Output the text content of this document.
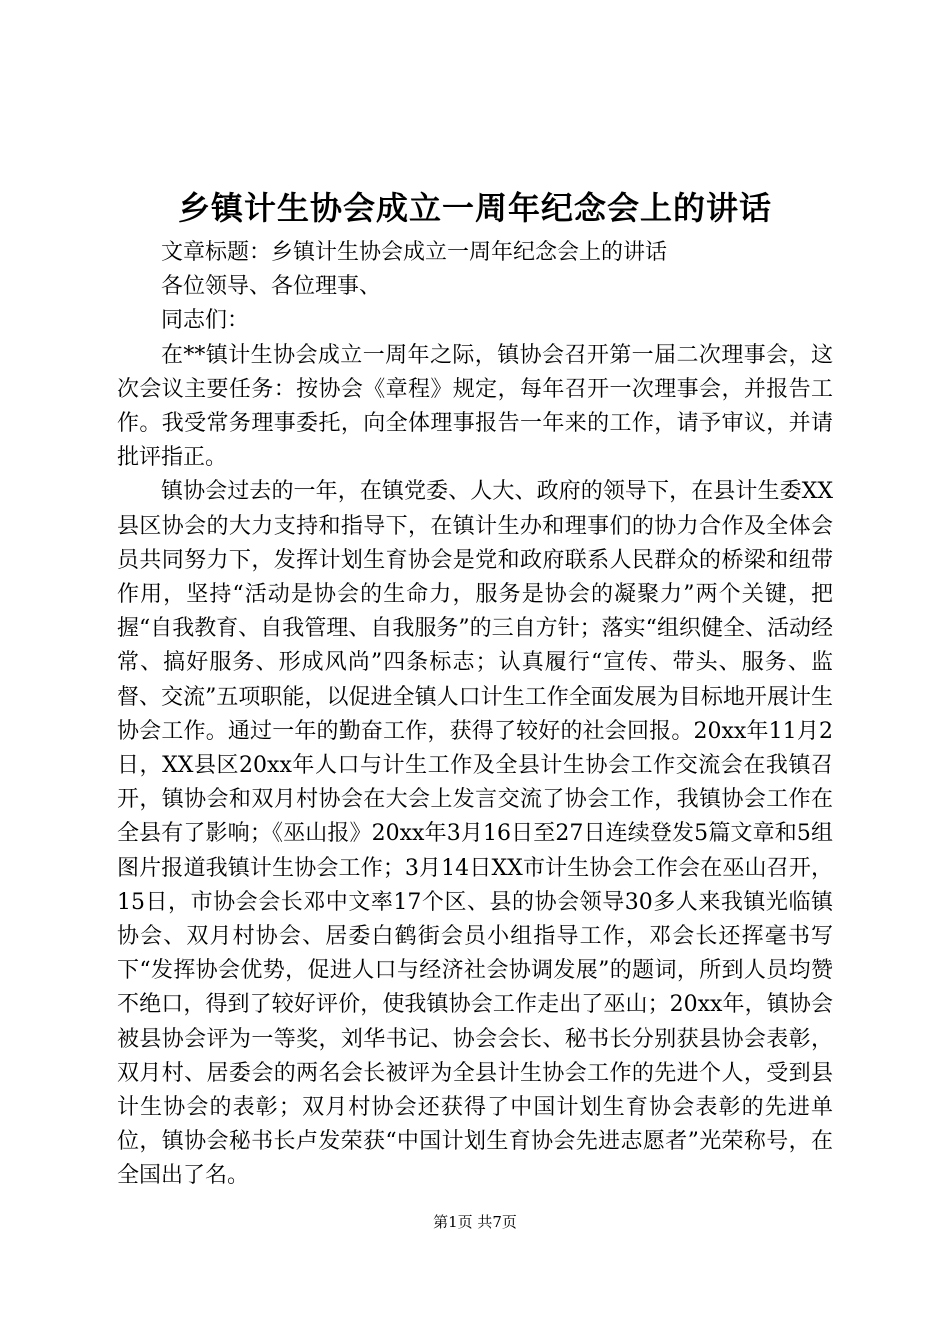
乡镇计生协会成立一周年纪念会上的讲话

文章标题：乡镇计生协会成立一周年纪念会上的讲话

各位领导、各位理事、

同志们：

在**镇计生协会成立一周年之际，镇协会召开第一届二次理事会，这次会议主要任务：按协会《章程》规定，每年召开一次理事会，并报告工作。我受常务理事委托，向全体理事报告一年来的工作，请予审议，并请批评指正。

镇协会过去的一年，在镇党委、人大、政府的领导下，在县计生委XX县区协会的大力支持和指导下，在镇计生办和理事们的协力合作及全体会员共同努力下，发挥计划生育协会是党和政府联系人民群众的桥梁和纽带作用，坚持“活动是协会的生命力，服务是协会的凝聚力”两个关键，把握“自我教育、自我管理、自我服务”的三自方针；落实“组织健全、活动经常、搞好服务、形成风尚”四条标志；认真履行“宣传、带头、服务、监督、交流”五项职能，以促进全镇人口计生工作全面发展为目标地开展计生协会工作。通过一年的勤奋工作，获得了较好的社会回报。20xx年11月2日，XX县区20xx年人口与计生工作及全县计生协会工作交流会在我镇召开，镇协会和双月村协会在大会上发言交流了协会工作，我镇协会工作在全县有了影响；《巫山报》20xx年3月16日至27日连续登发5篇文章和5组图片报道我镇计生协会工作；3月14日XX市计生协会工作会在巫山召开，15日，市协会会长邓中文率17个区、县的协会领导30多人来我镇光临镇协会、双月村协会、居委白鹤街会员小组指导工作，邓会长还挥毫书写下“发挥协会优势，促进人口与经济社会协调发展”的题词，所到人员均赞不绝口，得到了较好评价，使我镇协会工作走出了巫山；20xx年，镇协会被县协会评为一等奖，刘华书记、协会会长、秘书长分别获县协会表彰，双月村、居委会的两名会长被评为全县计生协会工作的先进个人，受到县计生协会的表彰；双月村协会还获得了中国计划生育协会表彰的先进单位，镇协会秘书长卢发荣获“中国计划生育协会先进志愿者”光荣称号，在全国出了名。

第1页 共7页
